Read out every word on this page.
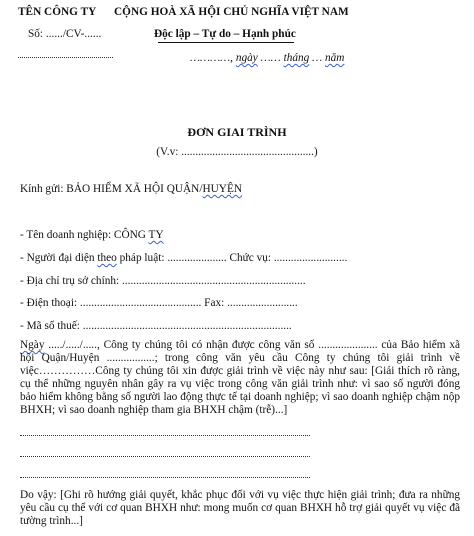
TÊN CÔNG TY CỘNG HOÀ XÃ HỘI CHỦ NGHĨA VIỆT NAM
Số: ....../CV-......	Độc lập – Tự do – Hạnh phúc
…………, ngày …… tháng … năm
ĐƠN GIAI TRÌNH
(V.v: ...............................................)
Kính gửi: BẢO HIỂM XÃ HỘI QUẬN/HUYỆN
- Tên doanh nghiệp: CÔNG TY
- Người đại diện theo pháp luật: ..................... Chức vụ: ..........................
- Địa chỉ trụ sở chính: .................................................................
- Điện thoại: ........................................... Fax: .........................
- Mã số thuế: ..........................................................................
Ngày ...../...../....., Công ty chúng tôi có nhận được công văn số ..................... của Bảo hiểm xã hội Quận/Huyện .................; trong công văn yêu cầu Công ty chúng tôi giải trình về việc……………Công ty chúng tôi xin được giải trình về việc này như sau: [Giải thích rõ ràng, cụ thể những nguyên nhân gây ra vụ việc trong công văn giải trình như: vì sao số người đóng bảo hiểm không bằng số người lao động thực tế tại doanh nghiệp; vì sao doanh nghiệp chậm nộp BHXH; vì sao doanh nghiệp tham gia BHXH chậm (trễ)...]
Do vậy: [Ghi rõ hướng giải quyết, khắc phục đối với vụ việc thực hiện giải trình; đưa ra những yêu cầu cụ thể với cơ quan BHXH như: mong muốn cơ quan BHXH hỗ trợ giải quyết vụ việc đã tường trình...]
